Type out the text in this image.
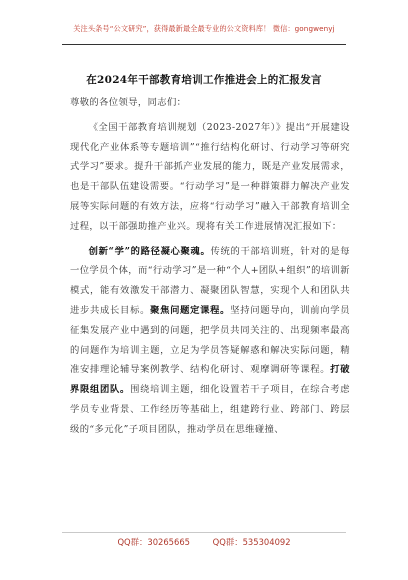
关注头条号“公文研究”，获得最新最全最专业的公文资料库！ 微信：gongwenyj
在2024年干部教育培训工作推进会上的汇报发言

尊敬的各位领导，同志们：

《全国干部教育培训规划（2023-2027年）》提出“开展建设现代化产业体系等专题培训”“推行结构化研讨、行动学习等研究式学习”要求。提升干部抓产业发展的能力，既是产业发展需求，也是干部队伍建设需要。“行动学习”是一种群策群力解决产业发展等实际问题的有效方法，应将“行动学习”融入干部教育培训全过程，以干部强助推产业兴。现将有关工作进展情况汇报如下：

创新“学”的路径凝心聚魂。传统的干部培训班，针对的是每一位学员个体，而“行动学习”是一种“个人+团队+组织”的培训新模式，能有效激发干部潜力、凝聚团队智慧，实现个人和团队共进步共成长目标。聚焦问题定课程。坚持问题导向，训前向学员征集发展产业中遇到的问题，把学员共同关注的、出现频率最高的问题作为培训主题，立足为学员答疑解惑和解决实际问题，精准安排理论辅导案例教学、结构化研讨、观摩调研等课程。打破界限组团队。围绕培训主题，细化设置若干子项目，在综合考虑学员专业背景、工作经历等基础上，组建跨行业、跨部门、跨层级的“多元化”子项目团队，推动学员在思维碰撞、

QQ群：30265665	QQ群：535304092
